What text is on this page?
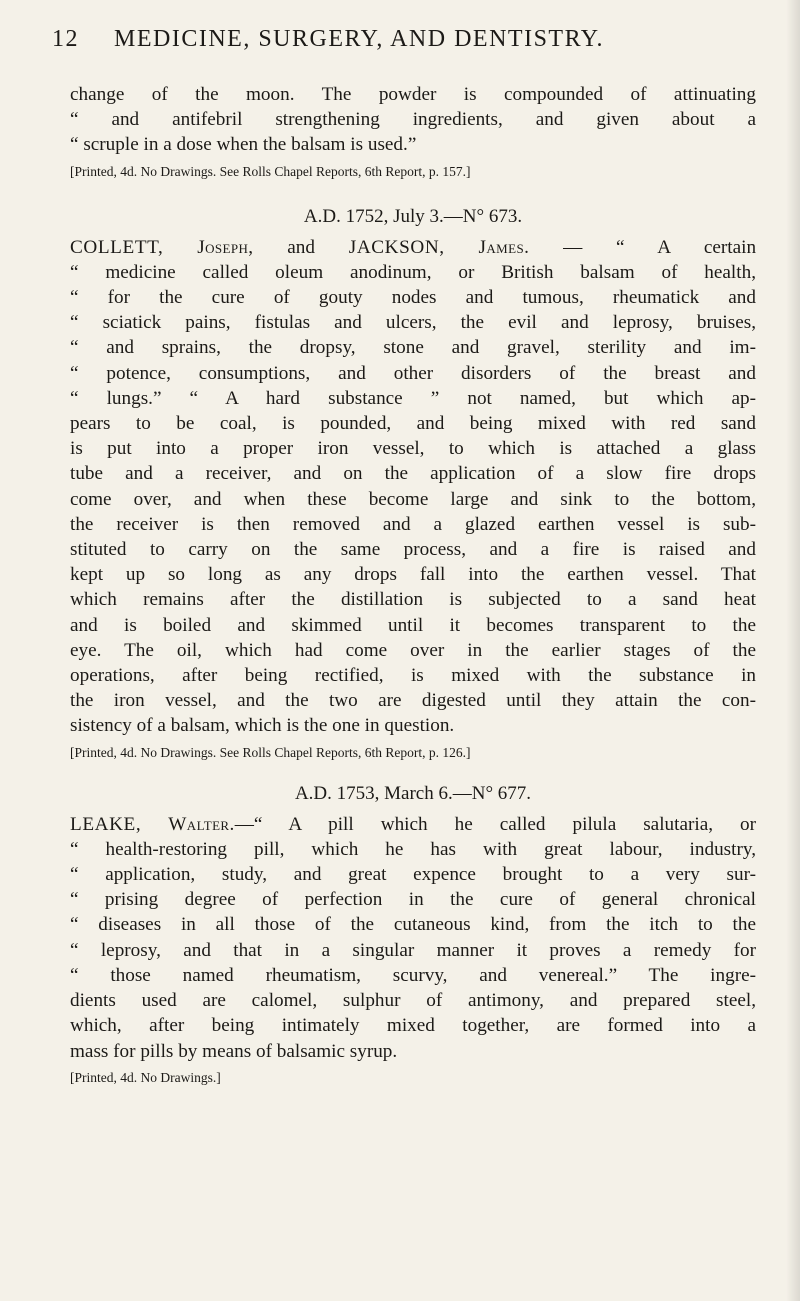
12 MEDICINE, SURGERY, AND DENTISTRY.
change of the moon. The powder is compounded of attinuating
“ and antifebril strengthening ingredients, and given about a
“ scruple in a dose when the balsam is used.”
[Printed, 4d. No Drawings. See Rolls Chapel Reports, 6th Report, p. 157.]
A.D. 1752, July 3.—N° 673.
COLLETT, Joseph, and JACKSON, James. — “ A certain
“ medicine called oleum anodinum, or British balsam of health,
“ for the cure of gouty nodes and tumous, rheumatick and
“ sciatick pains, fistulas and ulcers, the evil and leprosy, bruises,
“ and sprains, the dropsy, stone and gravel, sterility and im-
“ potence, consumptions, and other disorders of the breast and
“ lungs.” “ A hard substance ” not named, but which ap-
pears to be coal, is pounded, and being mixed with red sand
is put into a proper iron vessel, to which is attached a glass
tube and a receiver, and on the application of a slow fire drops
come over, and when these become large and sink to the bottom,
the receiver is then removed and a glazed earthen vessel is sub-
stituted to carry on the same process, and a fire is raised and
kept up so long as any drops fall into the earthen vessel. That
which remains after the distillation is subjected to a sand heat
and is boiled and skimmed until it becomes transparent to the
eye. The oil, which had come over in the earlier stages of the
operations, after being rectified, is mixed with the substance in
the iron vessel, and the two are digested until they attain the con-
sistency of a balsam, which is the one in question.
[Printed, 4d. No Drawings. See Rolls Chapel Reports, 6th Report, p. 126.]
A.D. 1753, March 6.—N° 677.
LEAKE, Walter.—“ A pill which he called pilula salutaria, or
“ health-restoring pill, which he has with great labour, industry,
“ application, study, and great expence brought to a very sur-
“ prising degree of perfection in the cure of general chronical
“ diseases in all those of the cutaneous kind, from the itch to the
“ leprosy, and that in a singular manner it proves a remedy for
“ those named rheumatism, scurvy, and venereal.” The ingre-
dients used are calomel, sulphur of antimony, and prepared steel,
which, after being intimately mixed together, are formed into a
mass for pills by means of balsamic syrup.
[Printed, 4d. No Drawings.]
